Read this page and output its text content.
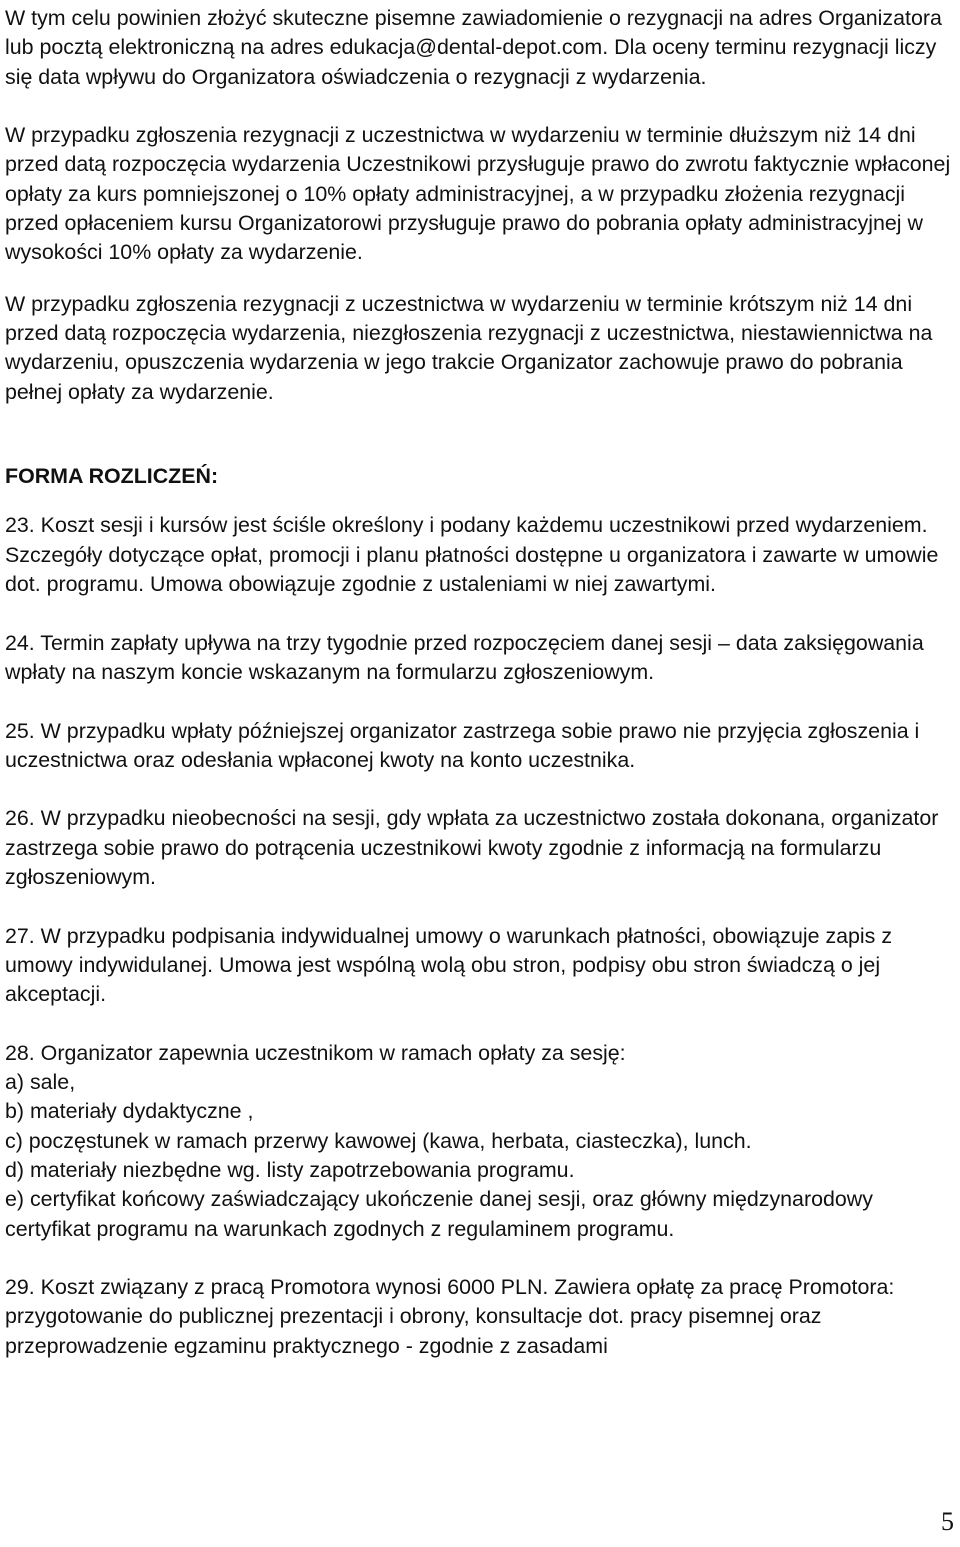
W tym celu powinien złożyć skuteczne pisemne zawiadomienie o rezygnacji na adres Organizatora lub pocztą elektroniczną na adres edukacja@dental-depot.com. Dla oceny terminu rezygnacji liczy się data wpływu do Organizatora oświadczenia o rezygnacji z wydarzenia.

W przypadku zgłoszenia rezygnacji z uczestnictwa w wydarzeniu w terminie dłuższym niż 14 dni przed datą rozpoczęcia wydarzenia Uczestnikowi przysługuje prawo do zwrotu faktycznie wpłaconej opłaty za kurs pomniejszonej o 10% opłaty administracyjnej, a w przypadku złożenia rezygnacji przed opłaceniem kursu Organizatorowi przysługuje prawo do pobrania opłaty administracyjnej w wysokości 10% opłaty za wydarzenie.

W przypadku zgłoszenia rezygnacji z uczestnictwa w wydarzeniu w terminie krótszym niż 14 dni przed datą rozpoczęcia wydarzenia, niezgłoszenia rezygnacji z uczestnictwa, niestawiennictwa na wydarzeniu, opuszczenia wydarzenia w jego trakcie Organizator zachowuje prawo do pobrania pełnej opłaty za wydarzenie.

FORMA ROZLICZEŃ:

23. Koszt sesji i kursów jest ściśle określony i podany każdemu uczestnikowi przed wydarzeniem. Szczegóły dotyczące opłat, promocji i planu płatności dostępne u organizatora i zawarte w umowie dot. programu. Umowa obowiązuje zgodnie z ustaleniami w niej zawartymi.

24. Termin zapłaty upływa na trzy tygodnie przed rozpoczęciem danej sesji – data zaksięgowania wpłaty na naszym koncie wskazanym na formularzu zgłoszeniowym.

25. W przypadku wpłaty późniejszej organizator zastrzega sobie prawo nie przyjęcia zgłoszenia i uczestnictwa oraz odesłania wpłaconej kwoty na konto uczestnika.

26. W przypadku nieobecności na sesji, gdy wpłata za uczestnictwo została dokonana, organizator zastrzega sobie prawo do potrącenia uczestnikowi kwoty zgodnie z informacją na formularzu zgłoszeniowym.

27. W przypadku podpisania indywidualnej umowy o warunkach płatności, obowiązuje zapis z umowy indywidulanej. Umowa jest wspólną wolą obu stron, podpisy obu stron świadczą o jej akceptacji.

28. Organizator zapewnia uczestnikom w ramach opłaty za sesję:

a) sale,

b) materiały dydaktyczne ,

c) poczęstunek w ramach przerwy kawowej (kawa, herbata, ciasteczka), lunch.

d) materiały niezbędne wg. listy zapotrzebowania programu.

e) certyfikat końcowy zaświadczający ukończenie danej sesji, oraz główny międzynarodowy certyfikat programu na warunkach zgodnych z regulaminem programu.

29. Koszt związany z pracą Promotora wynosi 6000 PLN. Zawiera opłatę za pracę Promotora: przygotowanie do publicznej prezentacji i obrony, konsultacje dot. pracy pisemnej oraz przeprowadzenie egzaminu praktycznego - zgodnie z zasadami

5
